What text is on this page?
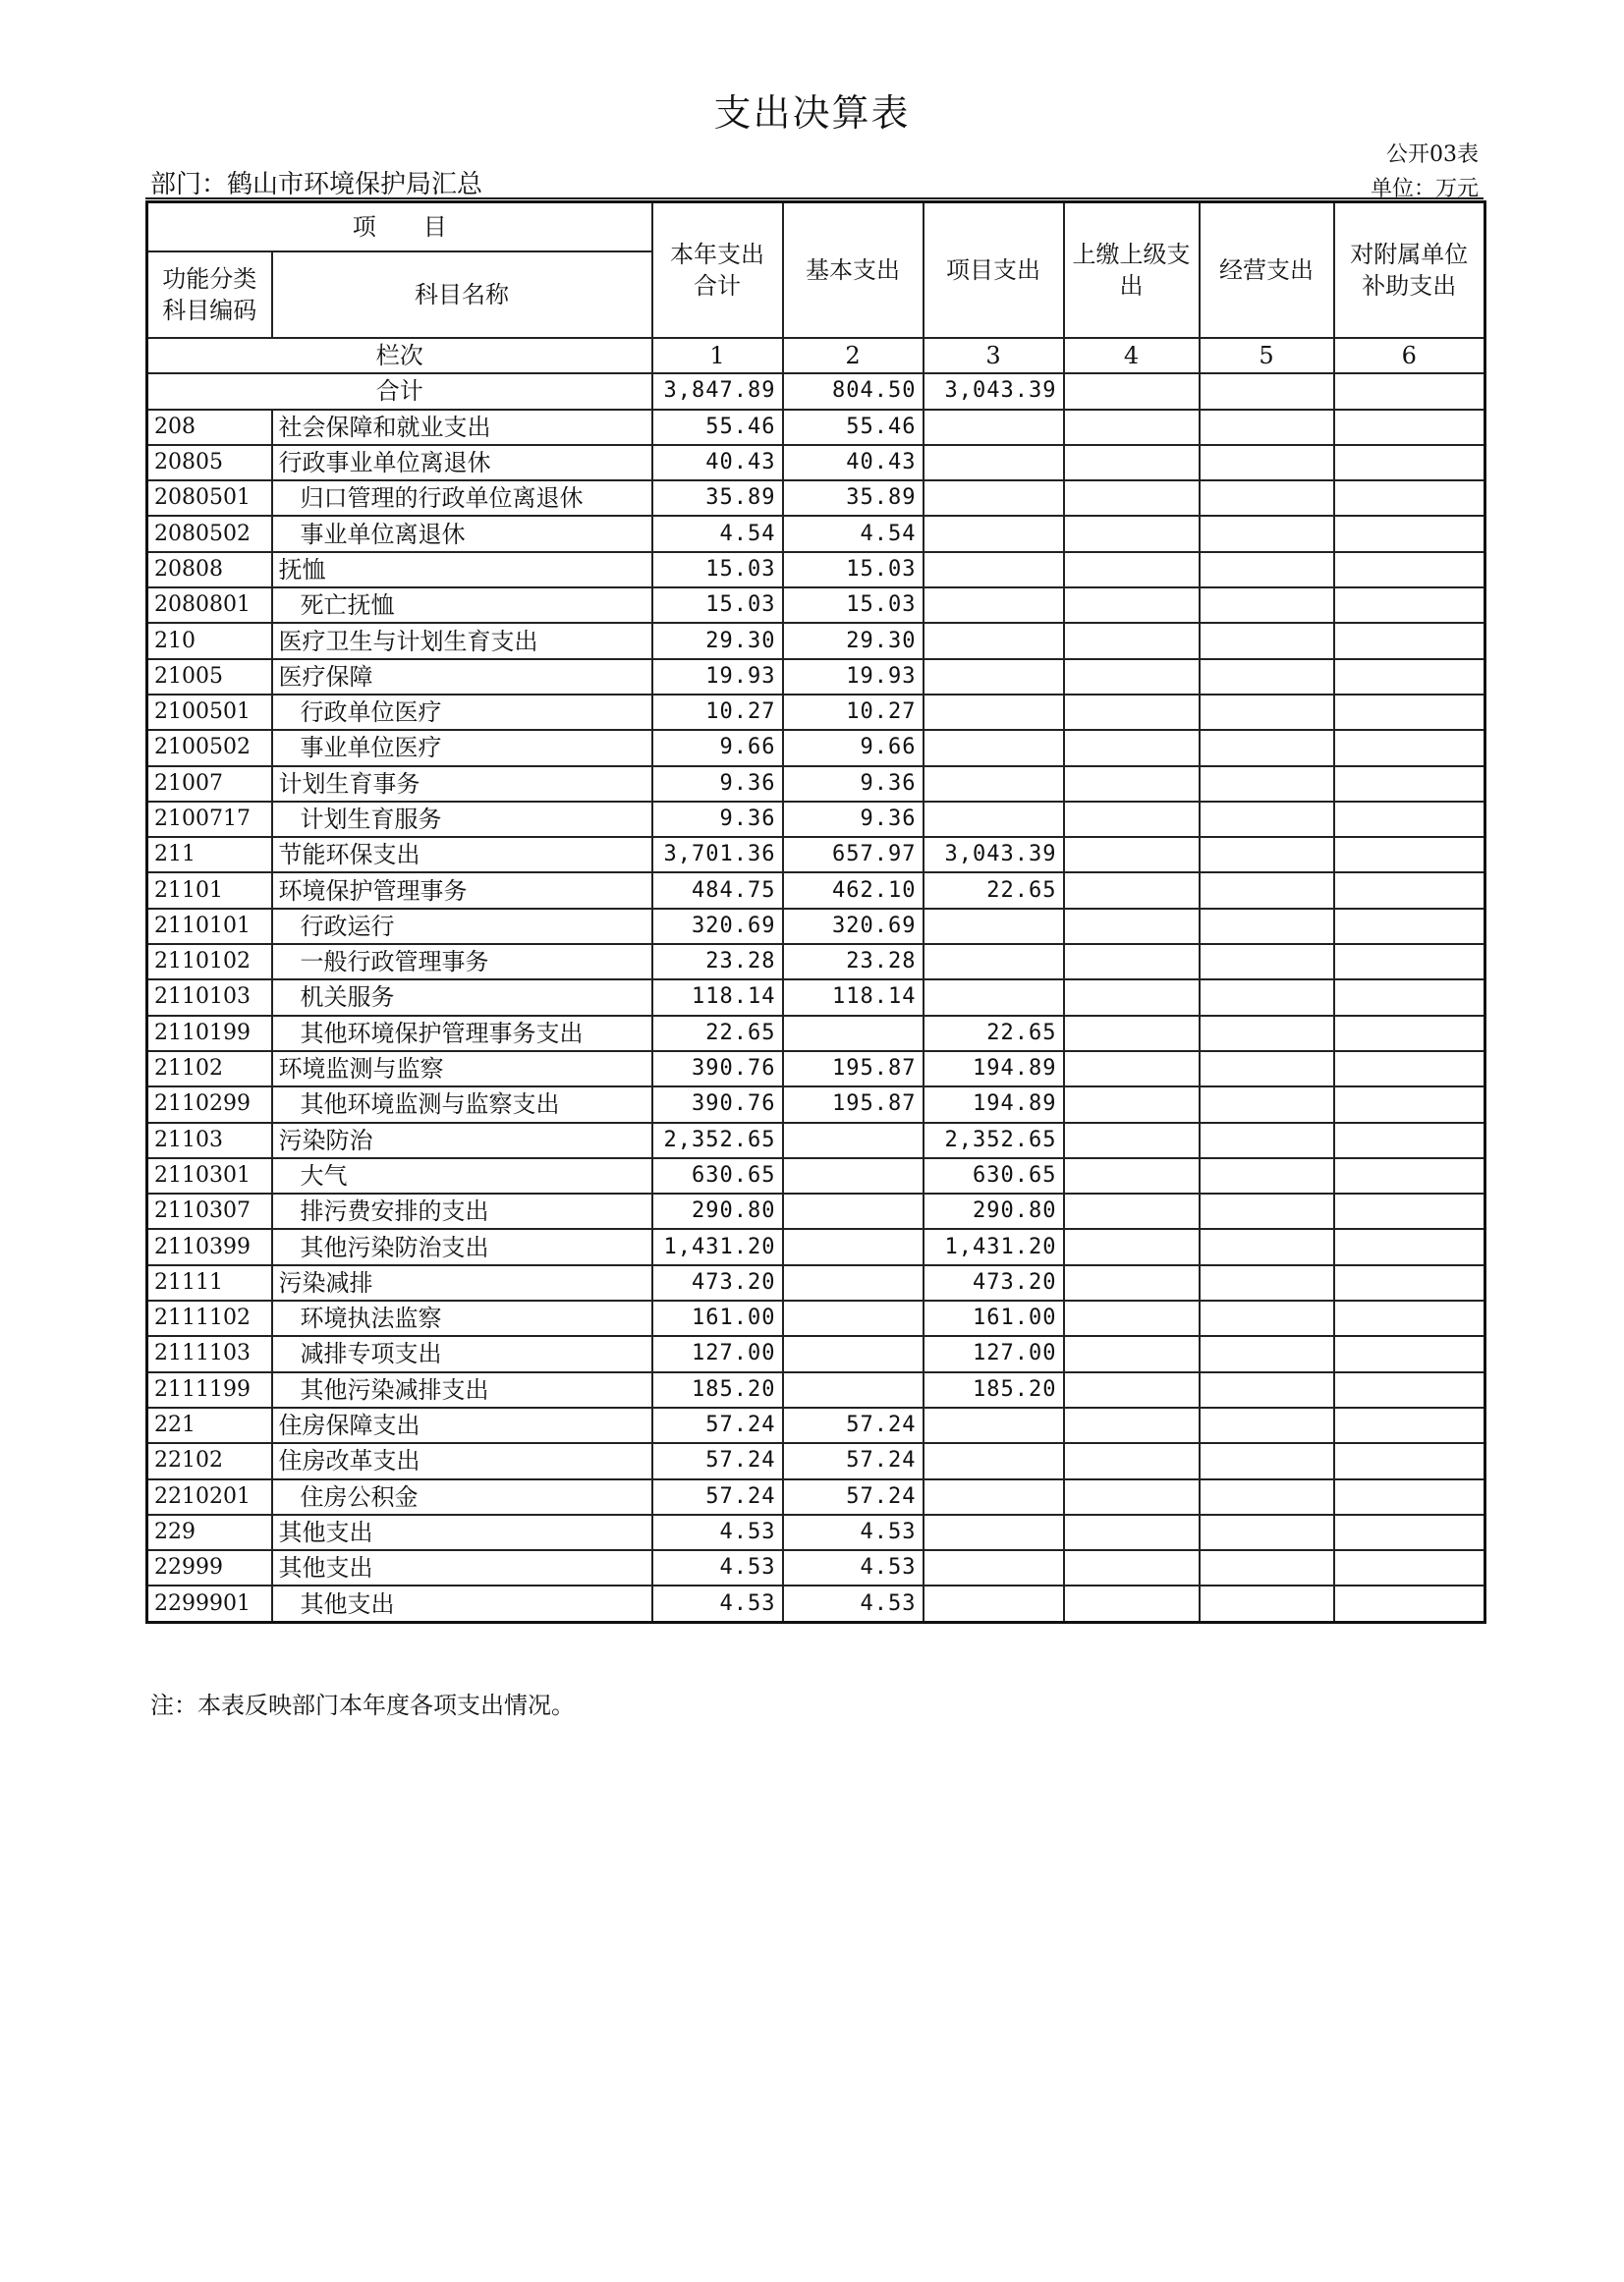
支出决算表
公开03表
部门：鹤山市环境保护局汇总	单位：万元
项　　目		本年支出合计	基本支出	项目支出	上缴上级支出	经营支出	对附属单位补助支出
功能分类科目编码	科目名称						
栏次		1	2	3	4	5	6
合计		3,847.89	804.50	3,043.39			
208	社会保障和就业支出	55.46	55.46				
20805	行政事业单位离退休	40.43	40.43				
2080501	归口管理的行政单位离退休	35.89	35.89				
2080502	事业单位离退休	4.54	4.54				
20808	抚恤	15.03	15.03				
2080801	死亡抚恤	15.03	15.03				
210	医疗卫生与计划生育支出	29.30	29.30				
21005	医疗保障	19.93	19.93				
2100501	行政单位医疗	10.27	10.27				
2100502	事业单位医疗	9.66	9.66				
21007	计划生育事务	9.36	9.36				
2100717	计划生育服务	9.36	9.36				
211	节能环保支出	3,701.36	657.97	3,043.39			
21101	环境保护管理事务	484.75	462.10	22.65			
2110101	行政运行	320.69	320.69				
2110102	一般行政管理事务	23.28	23.28				
2110103	机关服务	118.14	118.14				
2110199	其他环境保护管理事务支出	22.65		22.65			
21102	环境监测与监察	390.76	195.87	194.89			
2110299	其他环境监测与监察支出	390.76	195.87	194.89			
21103	污染防治	2,352.65		2,352.65			
2110301	大气	630.65		630.65			
2110307	排污费安排的支出	290.80		290.80			
2110399	其他污染防治支出	1,431.20		1,431.20			
21111	污染减排	473.20		473.20			
2111102	环境执法监察	161.00		161.00			
2111103	减排专项支出	127.00		127.00			
2111199	其他污染减排支出	185.20		185.20			
221	住房保障支出	57.24	57.24				
22102	住房改革支出	57.24	57.24				
2210201	住房公积金	57.24	57.24				
229	其他支出	4.53	4.53				
22999	其他支出	4.53	4.53				
2299901	其他支出	4.53	4.53				
注：本表反映部门本年度各项支出情况。
